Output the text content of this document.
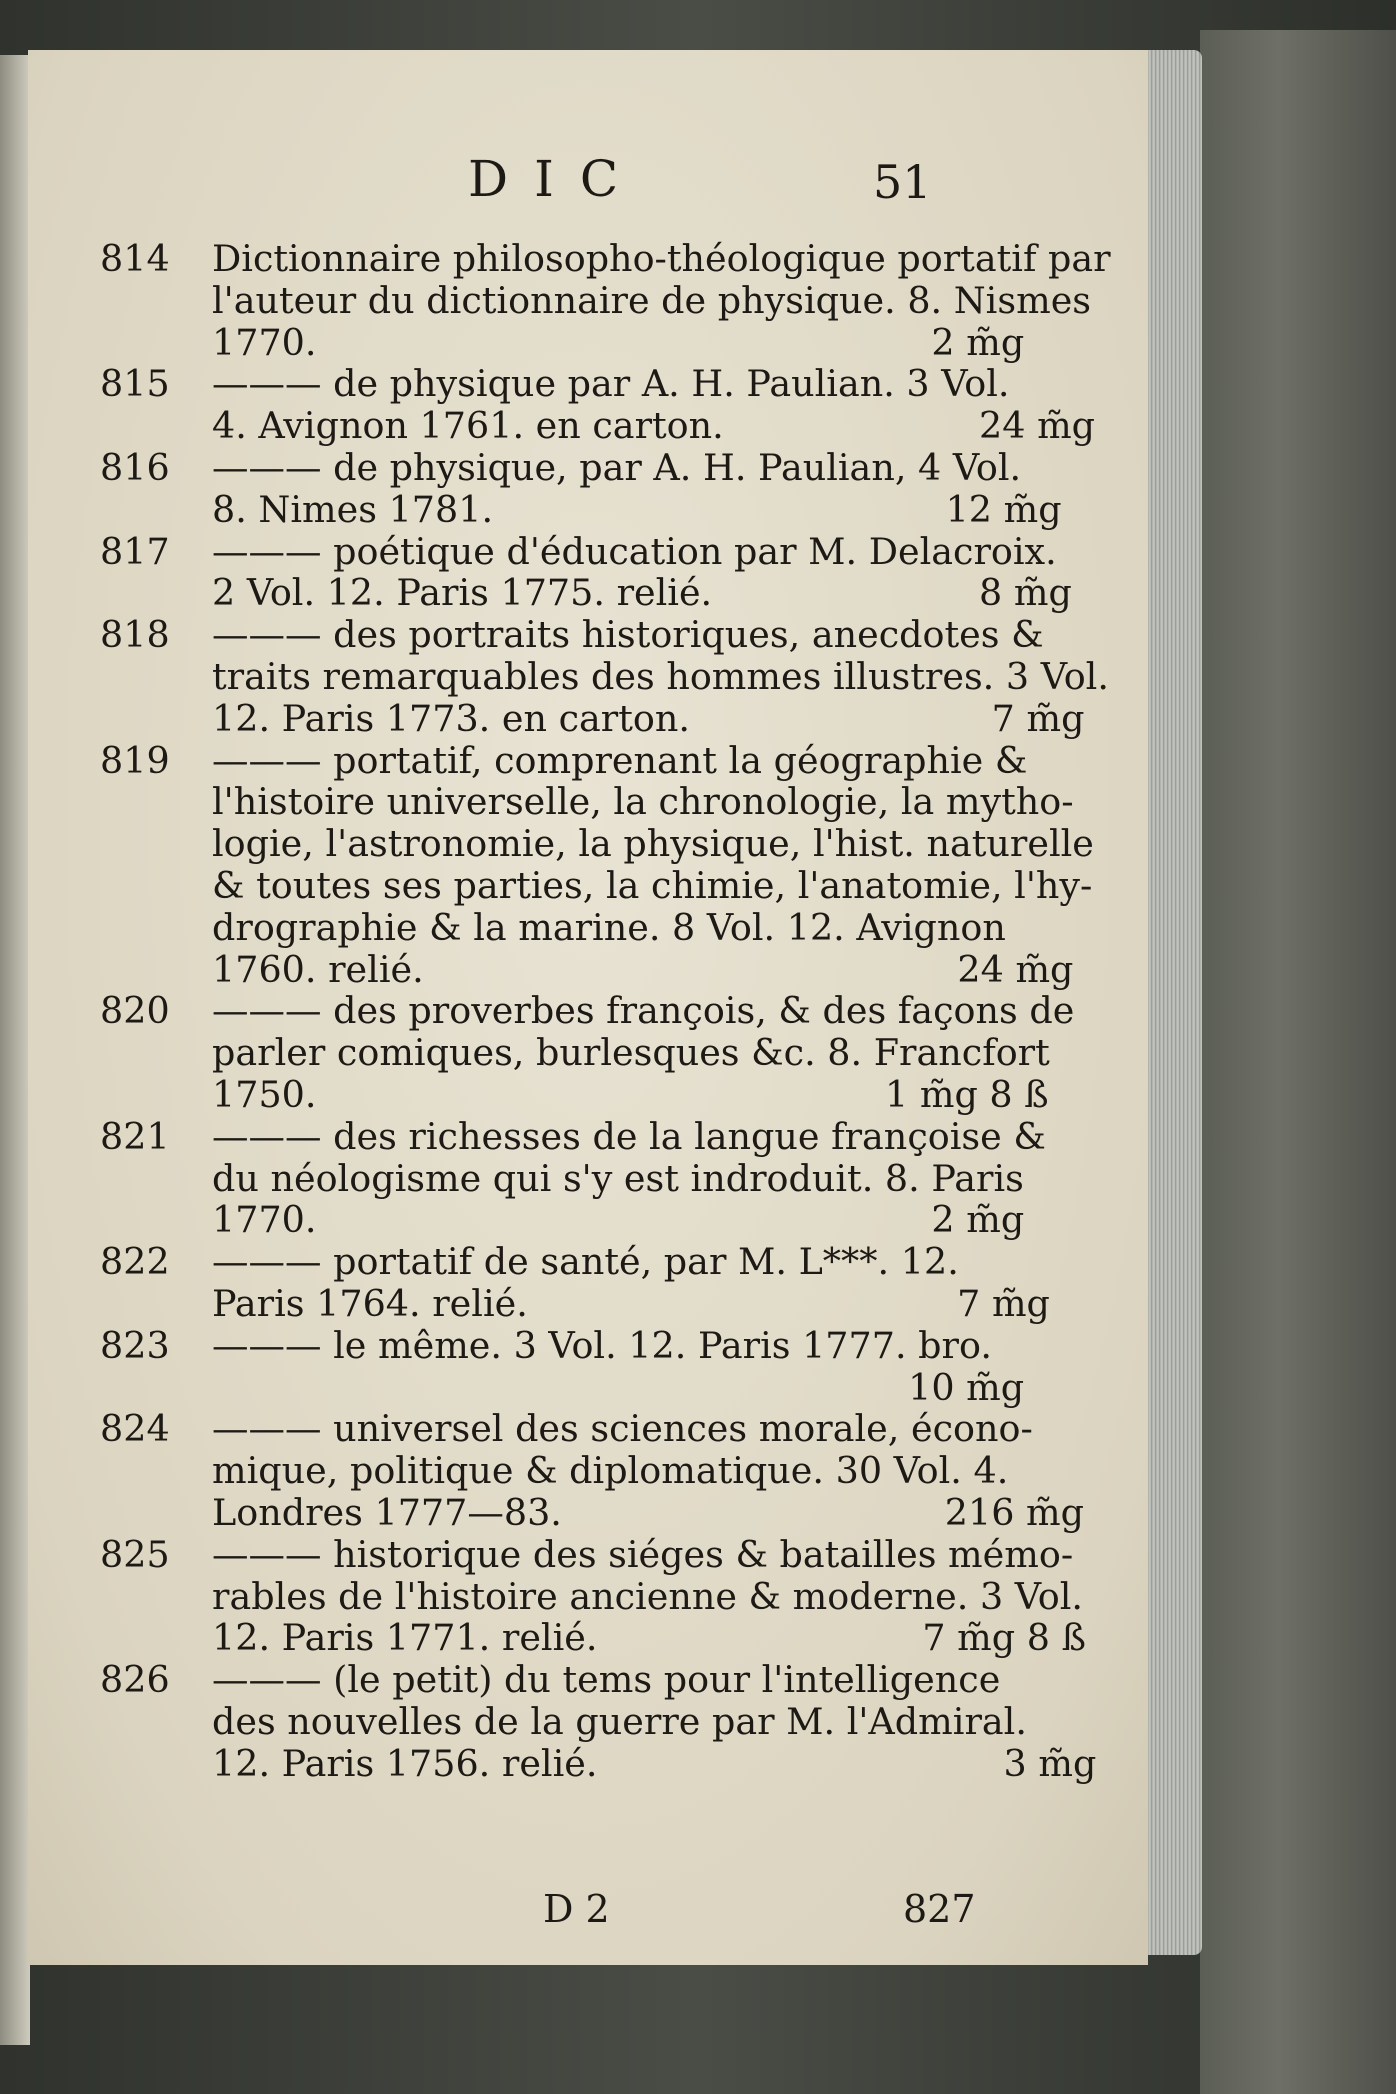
DIC	51
814 Dictionnaire philosopho-théologique portatif par
l'auteur du dictionnaire de physique. 8. Nismes
1770.                                                     2 m̃g
815 ——— de physique par A. H. Paulian. 3 Vol.
4. Avignon 1761. en carton.                      24 m̃g
816 ——— de physique, par A. H. Paulian, 4 Vol.
8. Nimes 1781.                                       12 m̃g
817 ——— poétique d'éducation par M. Delacroix.
2 Vol. 12. Paris 1775. relié.                       8 m̃g
818 ——— des portraits historiques, anecdotes &
traits remarquables des hommes illustres. 3 Vol.
12. Paris 1773. en carton.                          7 m̃g
819 ——— portatif, comprenant la géographie &
l'histoire universelle, la chronologie, la mytho-
logie, l'astronomie, la physique, l'hist. naturelle
& toutes ses parties, la chimie, l'anatomie, l'hy-
drographie & la marine. 8 Vol. 12. Avignon
1760. relié.                                              24 m̃g
820 ——— des proverbes françois, & des façons de
parler comiques, burlesques &c. 8. Francfort
1750.                                                 1 m̃g 8 ß
821 ——— des richesses de la langue françoise &
du néologisme qui s'y est indroduit. 8. Paris
1770.                                                     2 m̃g
822 ——— portatif de santé, par M. L***. 12.
Paris 1764. relié.                                     7 m̃g
823 ——— le même. 3 Vol. 12. Paris 1777. bro.
10 m̃g
824 ——— universel des sciences morale, écono-
mique, politique & diplomatique. 30 Vol. 4.
Londres 1777—83.                                 216 m̃g
825 ——— historique des siéges & batailles mémo-
rables de l'histoire ancienne & moderne. 3 Vol.
12. Paris 1771. relié.                            7 m̃g 8 ß
826 ——— (le petit) du tems pour l'intelligence
des nouvelles de la guerre par M. l'Admiral.
12. Paris 1756. relié.                                   3 m̃g
D 2	827
